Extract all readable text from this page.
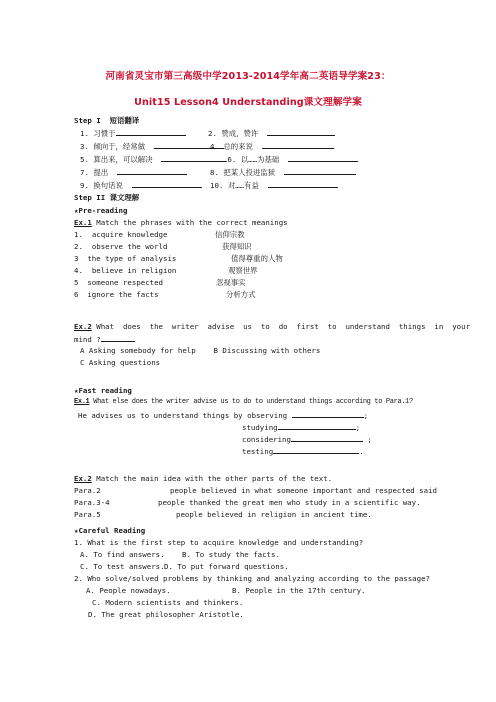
河南省灵宝市第三高级中学2013-2014学年高二英语导学案23：
Unit15 Lesson4 Understanding课文理解学案
Step I  短语翻译
1. 习惯于	2. 赞成，赞许
3. 倾向于，经常做	4. 总的来说
5. 算出来，可以解决	6. 以……为基础
7. 提出	8. 把某人投进监狱
9. 换句话说	10. 对……有益
Step II 课文理解
★Pre-reading
Ex.1 Match the phrases with the correct meanings
1. acquire knowledge	信仰宗教
2. observe the world	获得知识
3 the type of analysis	值得尊重的人物
4. believe in religion	观察世界
5 someone respected	忽视事实
6 ignore the facts	分析方式
Ex.2 What  does  the  writer  advise  us  to  do  first  to  understand  things  in  your
mind ?
A Asking somebody for help B Discussing with others
C Asking questions
★Fast reading
Ex.1 What else does the writer advise us to do to understand things according to Para.1?
He advises us to understand things by observing	;
studying	;
considering	;
testing	.
Ex.2 Match the main idea with the other parts of the text.
Para.2	people believed in what someone important and respected said
Para.3-4	people thanked the great men who study in a scientific way.
Para.5	people believed in religion in ancient time.
★Careful Reading
1. What is the first step to acquire knowledge and understanding?
A. To find answers. B. To study the facts.
C. To test answers. D. To put forward questions.
2. Who solve/solved problems by thinking and analyzing according to the passage?
A. People nowadays.	B. People in the 17th century.
C. Modern scientists and thinkers.
D. The great philosopher Aristotle.
